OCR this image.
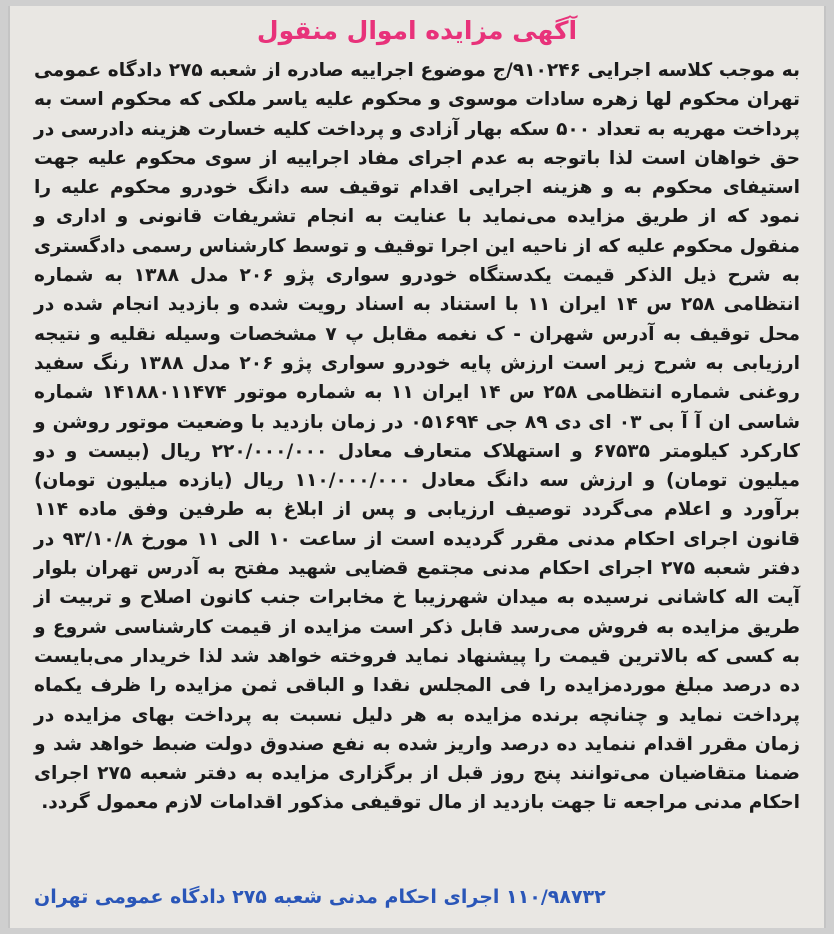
آگهی مزایده اموال منقول
به موجب کلاسه اجرایی ۹۱۰۲۴۶/ج موضوع اجراییه صادره از شعبه ۲۷۵ دادگاه عمومی تهران محکوم لها زهره سادات موسوی و محکوم علیه یاسر ملکی که محکوم است به پرداخت مهریه به تعداد ۵۰۰ سکه بهار آزادی و پرداخت کلیه خسارت هزینه دادرسی در حق خواهان است لذا باتوجه به عدم اجرای مفاد اجراییه از سوی محکوم علیه جهت استیفای محکوم به و هزینه اجرایی اقدام توقیف سه دانگ خودرو محکوم علیه را نمود که از طریق مزایده می‌نماید با عنایت به انجام تشریفات قانونی و اداری و منقول محکوم علیه که از ناحیه این اجرا توقیف و توسط کارشناس رسمی دادگستری به شرح ذیل الذکر قیمت یکدستگاه خودرو سواری پژو ۲۰۶ مدل ۱۳۸۸ به شماره انتظامی ۲۵۸ س ۱۴ ایران ۱۱ با استناد به اسناد رویت شده و بازدید انجام شده در محل توقیف به آدرس شهران - ک نغمه مقابل پ ۷ مشخصات وسیله نقلیه و نتیجه ارزیابی به شرح زیر است ارزش پایه خودرو سواری پژو ۲۰۶ مدل ۱۳۸۸ رنگ سفید روغنی شماره انتظامی ۲۵۸ س ۱۴ ایران ۱۱ به شماره موتور ۱۴۱۸۸۰۱۱۴۷۴ شماره شاسی ان آ آ بی ۰۳ ای دی ۸۹ جی ۰۵۱۶۹۴ در زمان بازدید با وضعیت موتور روشن و کارکرد کیلومتر ۶۷۵۳۵ و استهلاک متعارف معادل ۲۲۰/۰۰۰/۰۰۰ ریال (بیست و دو میلیون تومان) و ارزش سه دانگ معادل ۱۱۰/۰۰۰/۰۰۰ ریال (یازده میلیون تومان) برآورد و اعلام می‌گردد توصیف ارزیابی و پس از ابلاغ به طرفین وفق ماده ۱۱۴ قانون اجرای احکام مدنی مقرر گردیده است از ساعت ۱۰ الی ۱۱ مورخ ۹۳/۱۰/۸ در دفتر شعبه ۲۷۵ اجرای احکام مدنی مجتمع قضایی شهید مفتح به آدرس تهران بلوار آیت اله کاشانی نرسیده به میدان شهرزیبا خ مخابرات جنب کانون اصلاح و تربیت از طریق مزایده به فروش می‌رسد قابل ذکر است مزایده از قیمت کارشناسی شروع و به کسی که بالاترین قیمت را پیشنهاد نماید فروخته خواهد شد لذا خریدار می‌بایست ده درصد مبلغ موردمزایده را فی المجلس نقدا و الباقی ثمن مزایده را ظرف یکماه پرداخت نماید و چنانچه برنده مزایده به هر دلیل نسبت به پرداخت بهای مزایده در زمان مقرر اقدام ننماید ده درصد واریز شده به نفع صندوق دولت ضبط خواهد شد و ضمنا متقاضیان می‌توانند پنج روز قبل از برگزاری مزایده به دفتر شعبه ۲۷۵ اجرای احکام مدنی مراجعه تا جهت بازدید از مال توقیفی مذکور اقدامات لازم معمول گردد.
۱۱۰/۹۸۷۳۲ اجرای احکام مدنی شعبه ۲۷۵ دادگاه عمومی تهران
